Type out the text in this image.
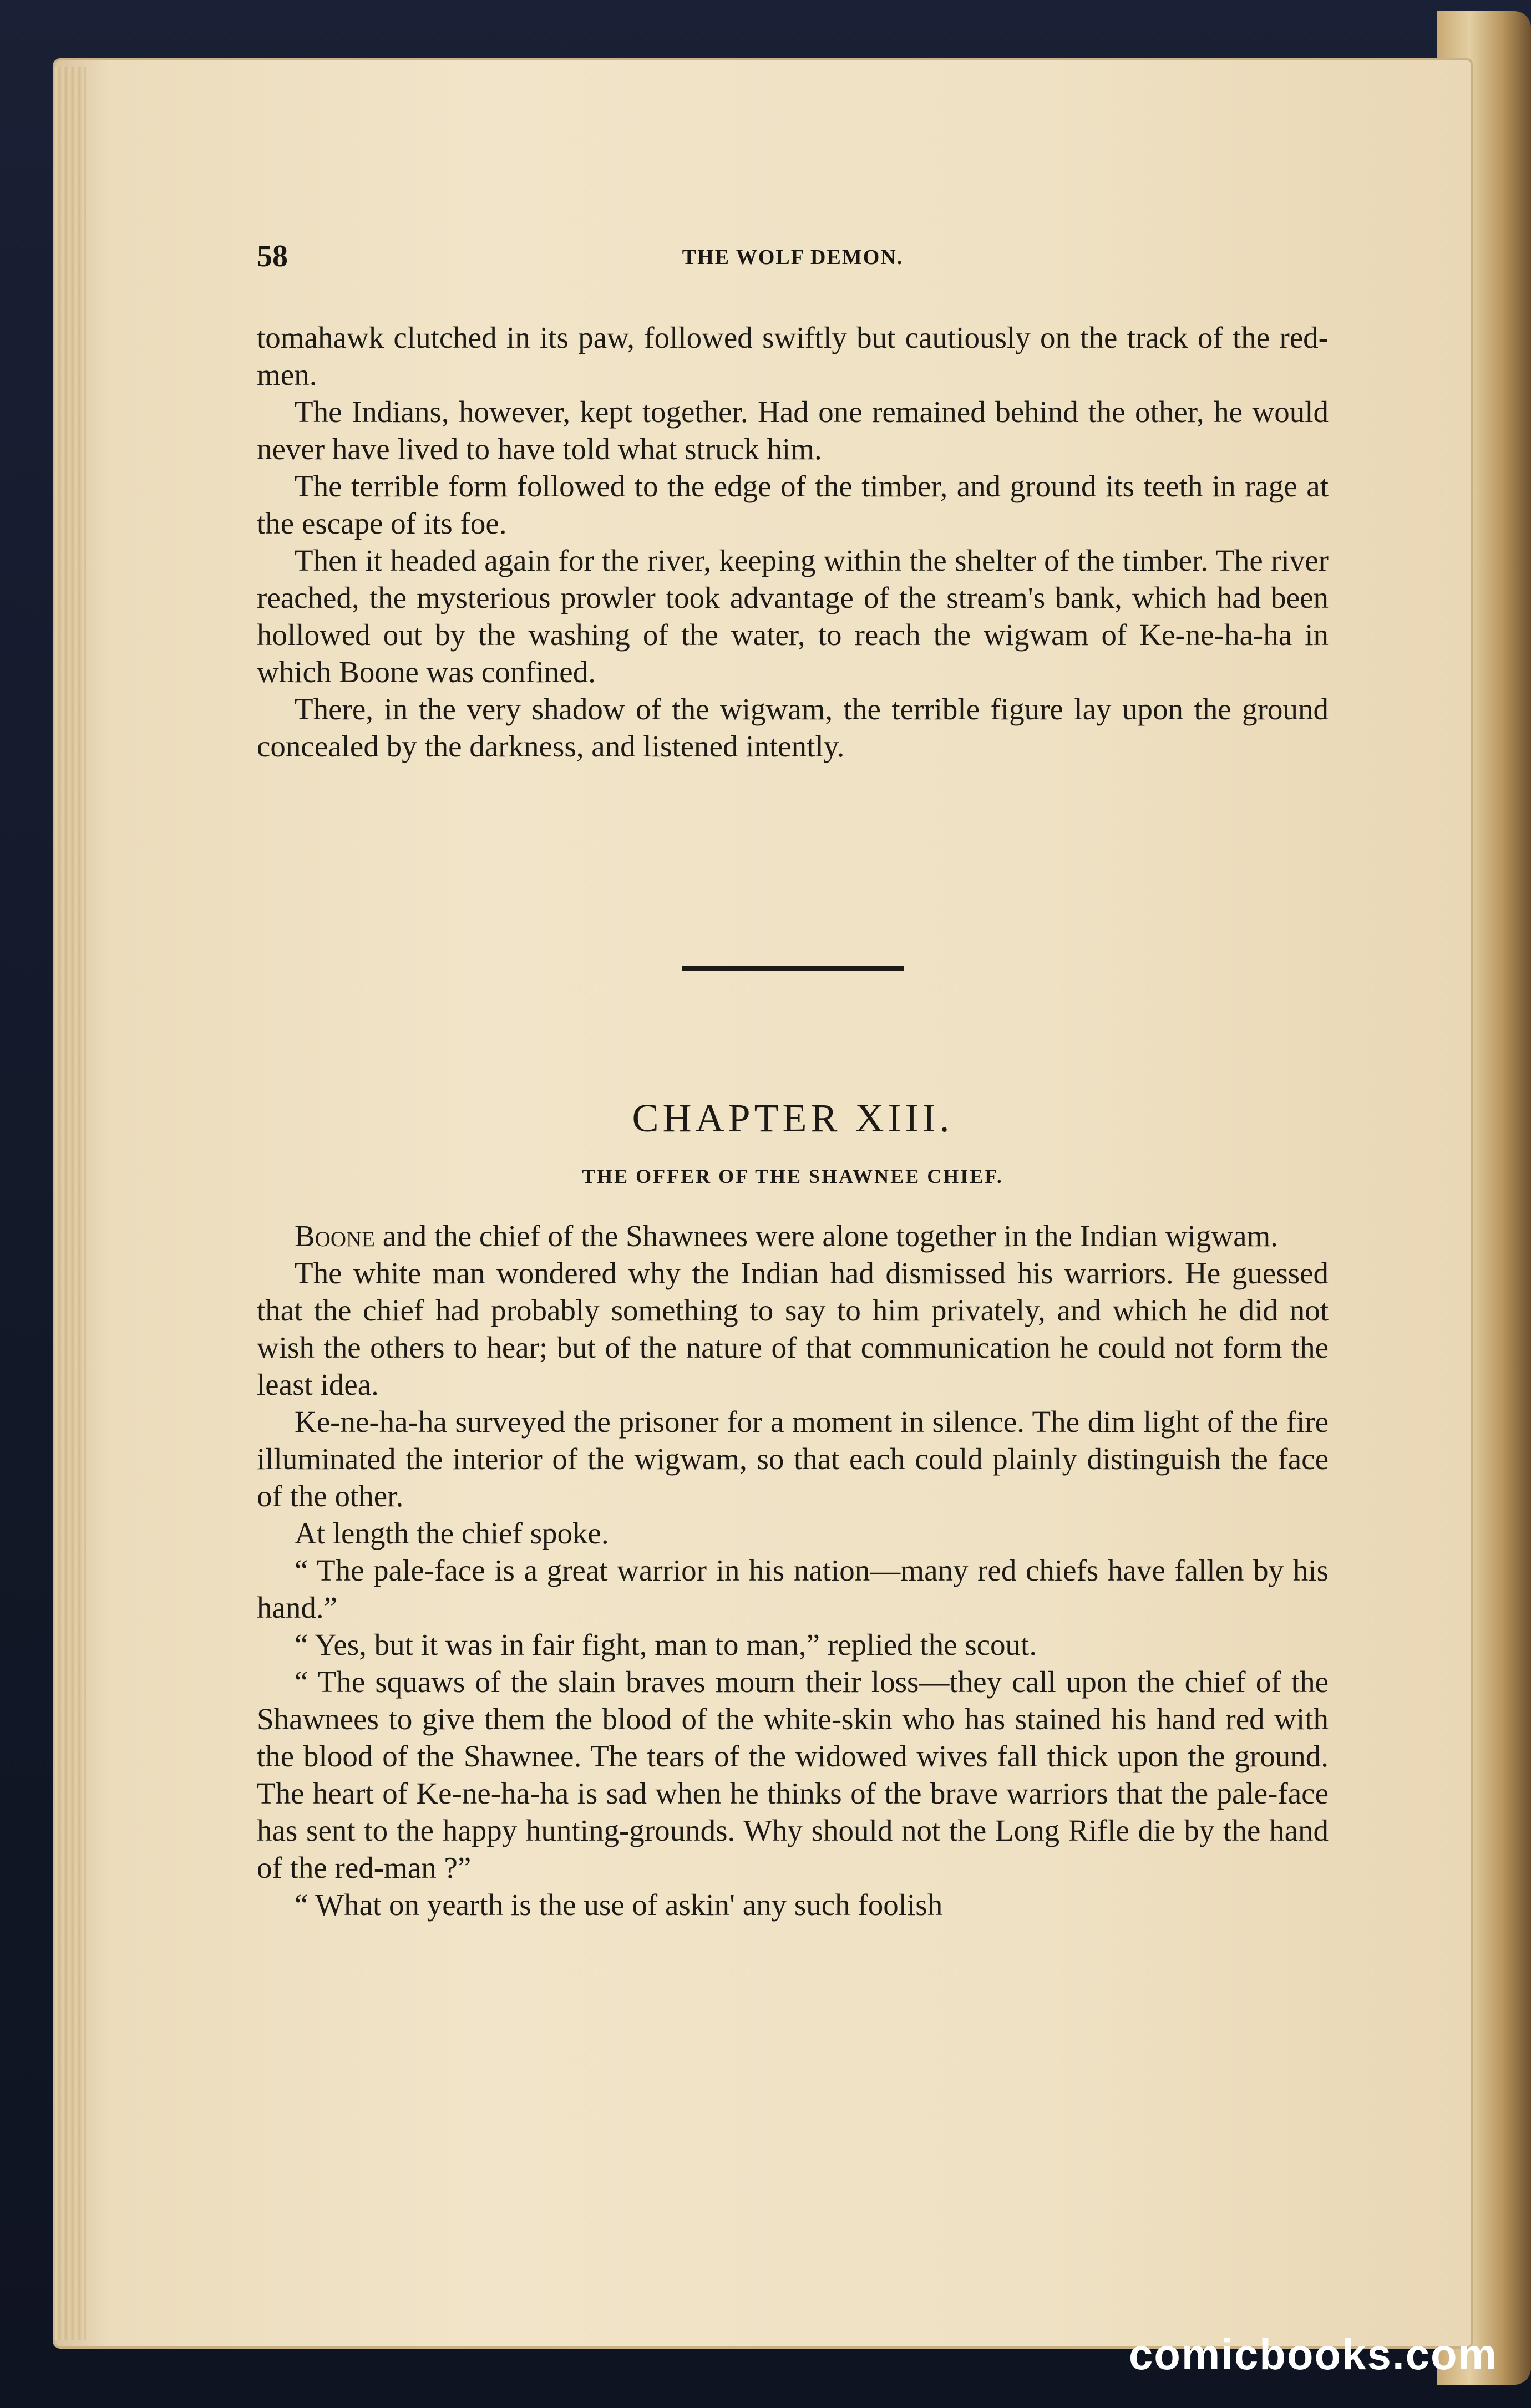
58	THE WOLF DEMON.

tomahawk clutched in its paw, followed swiftly but cautiously on the track of the red-men.

The Indians, however, kept together. Had one remained behind the other, he would never have lived to have told what struck him.

The terrible form followed to the edge of the timber, and ground its teeth in rage at the escape of its foe.

Then it headed again for the river, keeping within the shelter of the timber. The river reached, the mysterious prowler took advantage of the stream's bank, which had been hollowed out by the washing of the water, to reach the wigwam of Ke-ne-ha-ha in which Boone was confined.

There, in the very shadow of the wigwam, the terrible figure lay upon the ground concealed by the darkness, and listened intently.

CHAPTER XIII.
THE OFFER OF THE SHAWNEE CHIEF.

Boone and the chief of the Shawnees were alone together in the Indian wigwam.

The white man wondered why the Indian had dismissed his warriors. He guessed that the chief had probably something to say to him privately, and which he did not wish the others to hear; but of the nature of that communication he could not form the least idea.

Ke-ne-ha-ha surveyed the prisoner for a moment in silence. The dim light of the fire illuminated the interior of the wigwam, so that each could plainly distinguish the face of the other.

At length the chief spoke.

“ The pale-face is a great warrior in his nation—many red chiefs have fallen by his hand.”

“ Yes, but it was in fair fight, man to man,” replied the scout.

“ The squaws of the slain braves mourn their loss—they call upon the chief of the Shawnees to give them the blood of the white-skin who has stained his hand red with the blood of the Shawnee. The tears of the widowed wives fall thick upon the ground. The heart of Ke-ne-ha-ha is sad when he thinks of the brave warriors that the pale-face has sent to the happy hunting-grounds. Why should not the Long Rifle die by the hand of the red-man ?”

“ What on yearth is the use of askin' any such foolish

comicbooks.com
